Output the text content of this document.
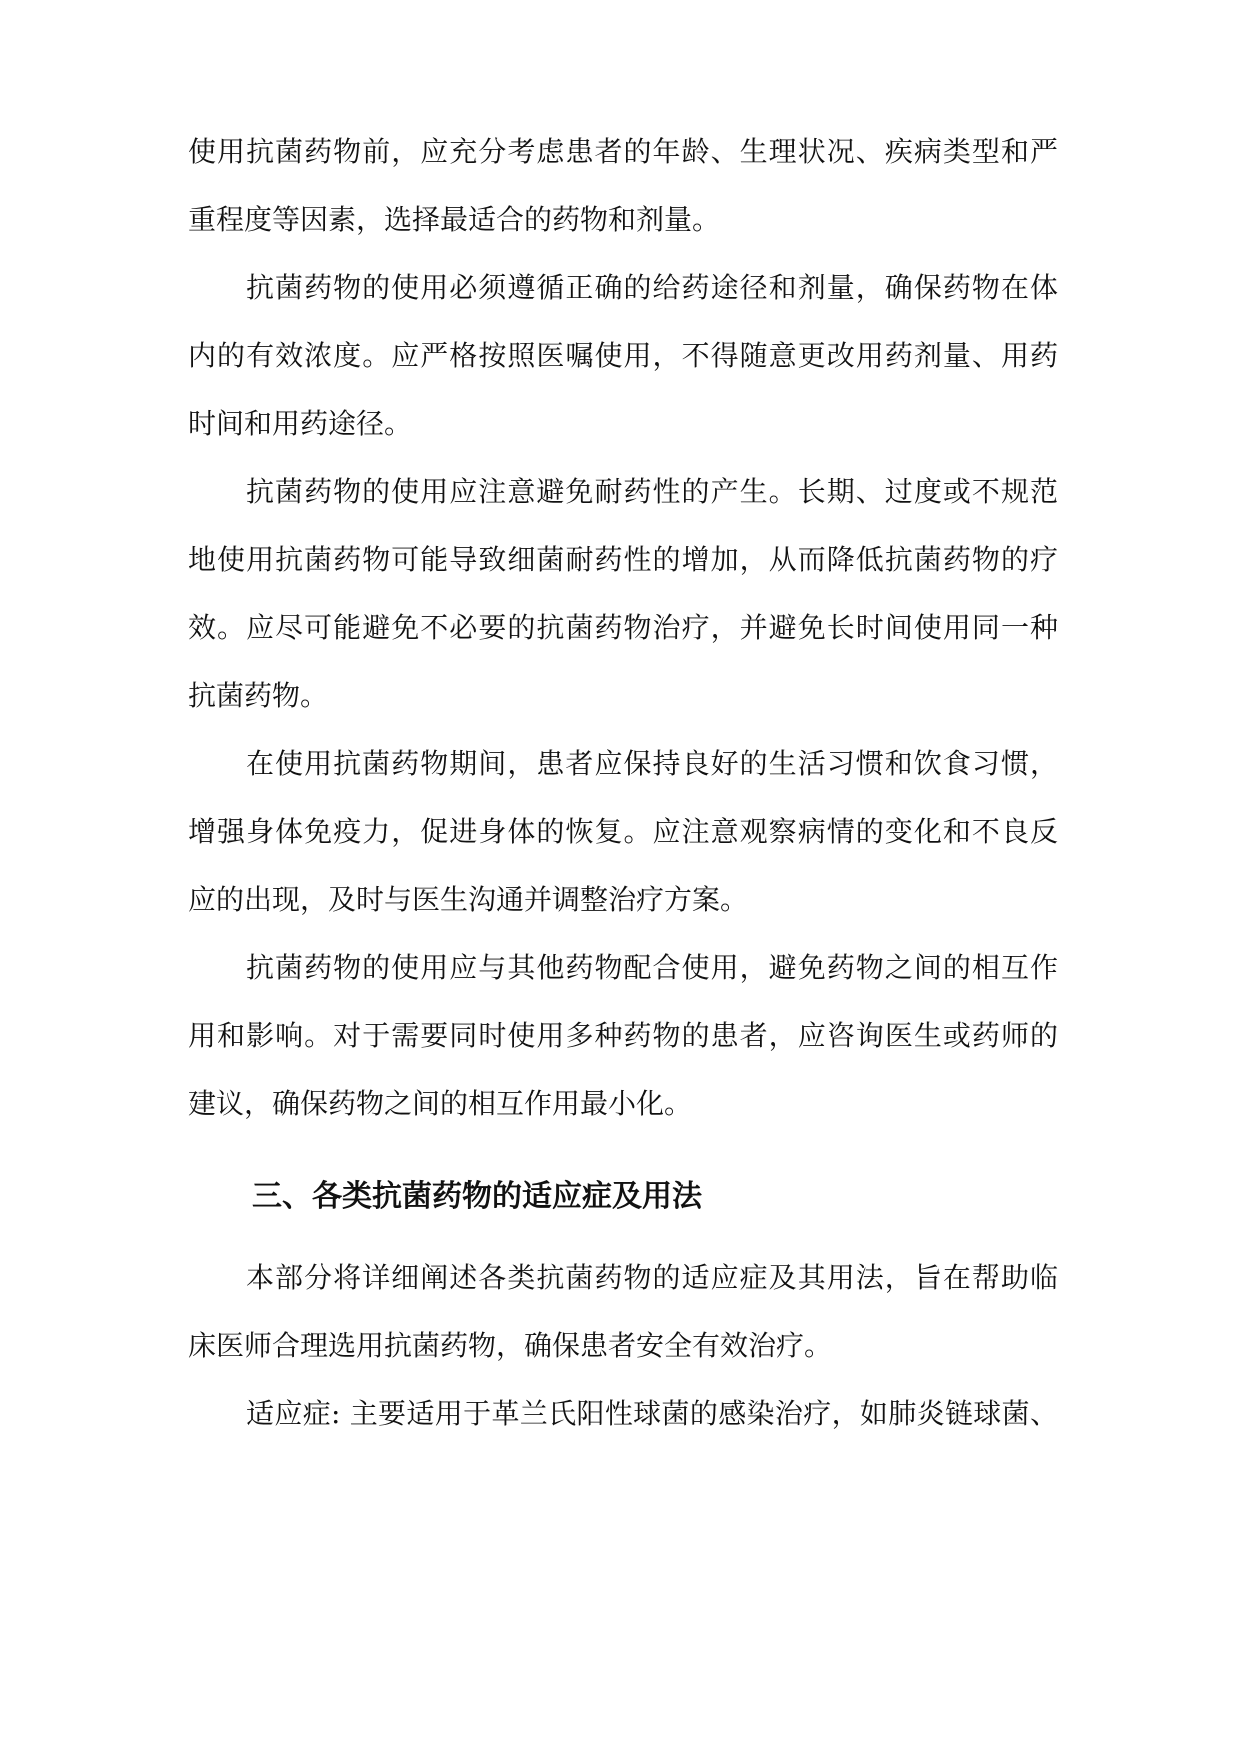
使用抗菌药物前，应充分考虑患者的年龄、生理状况、疾病类型和严
重程度等因素，选择最适合的药物和剂量。
抗菌药物的使用必须遵循正确的给药途径和剂量，确保药物在体
内的有效浓度。应严格按照医嘱使用，不得随意更改用药剂量、用药
时间和用药途径。
抗菌药物的使用应注意避免耐药性的产生。长期、过度或不规范
地使用抗菌药物可能导致细菌耐药性的增加，从而降低抗菌药物的疗
效。应尽可能避免不必要的抗菌药物治疗，并避免长时间使用同一种
抗菌药物。
在使用抗菌药物期间，患者应保持良好的生活习惯和饮食习惯，
增强身体免疫力，促进身体的恢复。应注意观察病情的变化和不良反
应的出现，及时与医生沟通并调整治疗方案。
抗菌药物的使用应与其他药物配合使用，避免药物之间的相互作
用和影响。对于需要同时使用多种药物的患者，应咨询医生或药师的
建议，确保药物之间的相互作用最小化。
三、各类抗菌药物的适应症及用法
本部分将详细阐述各类抗菌药物的适应症及其用法，旨在帮助临
床医师合理选用抗菌药物，确保患者安全有效治疗。
适应症: 主要适用于革兰氏阳性球菌的感染治疗，如肺炎链球菌、
